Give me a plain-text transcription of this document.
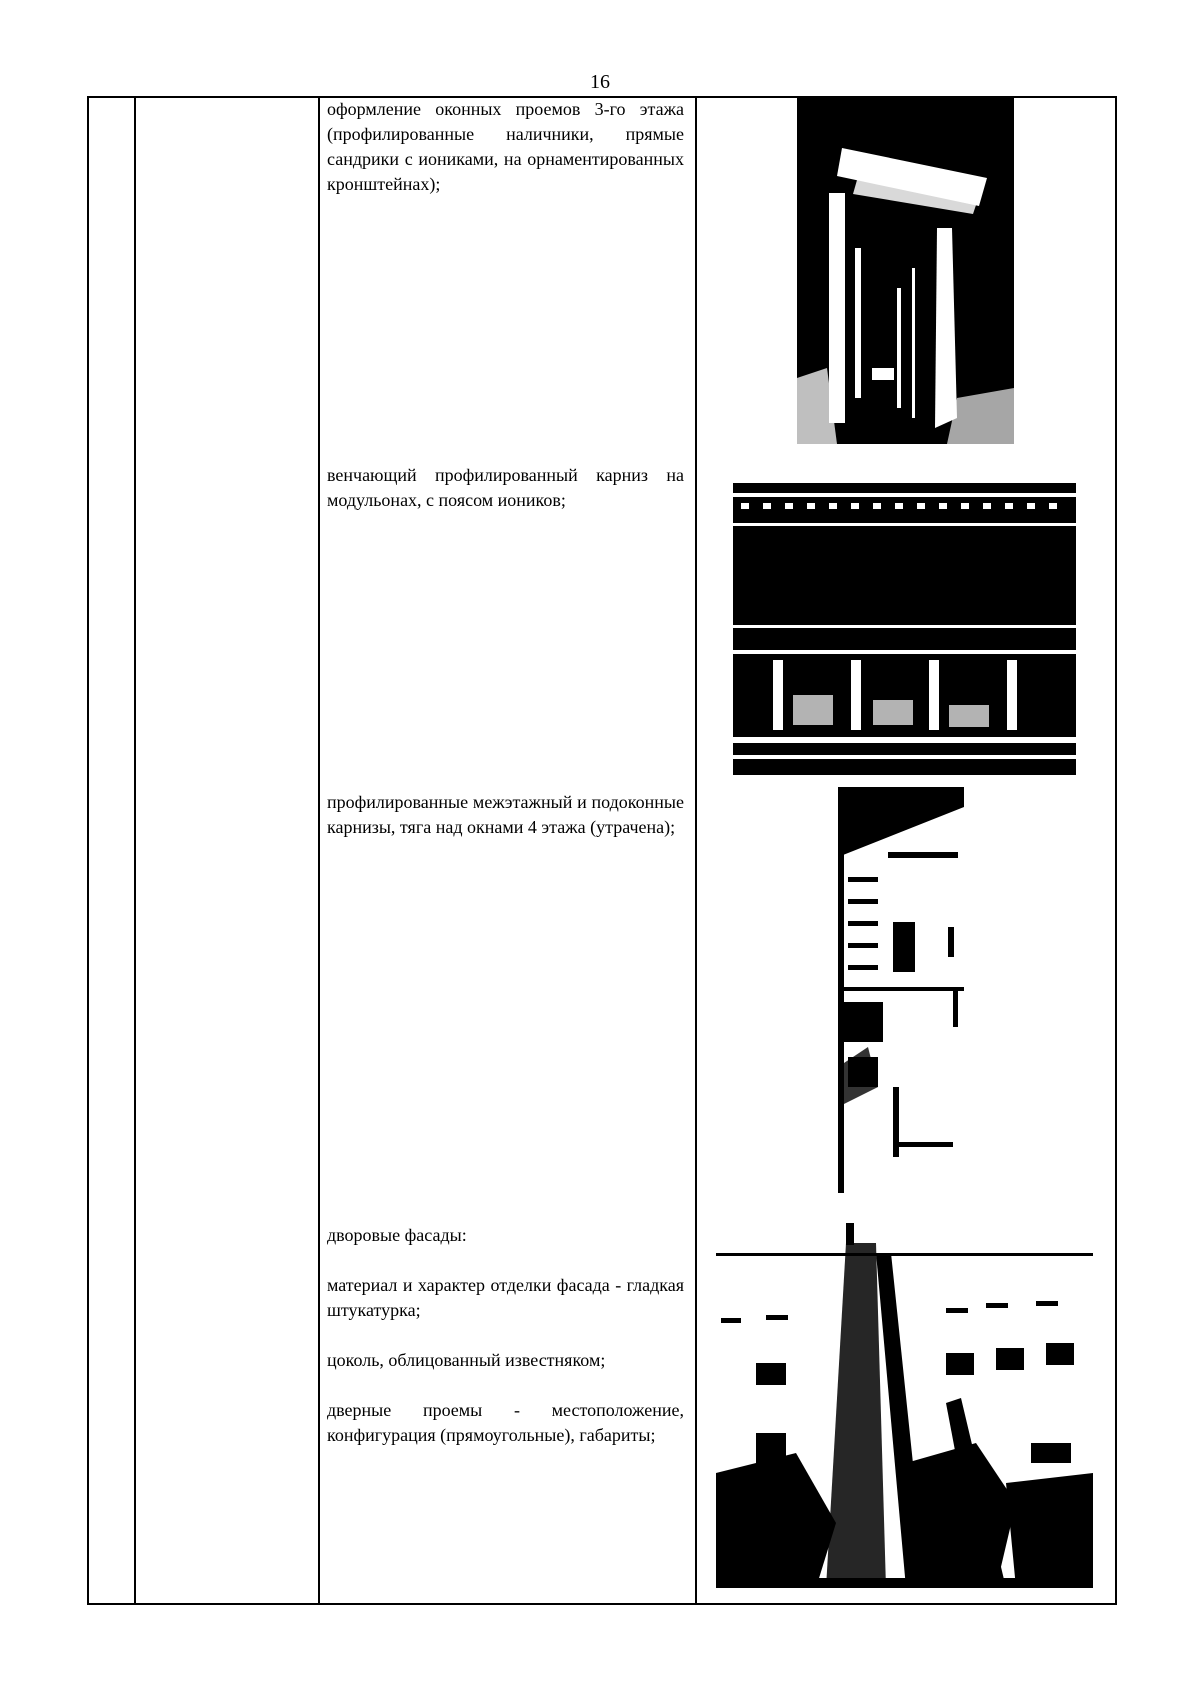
16

оформление оконных проемов 3-го этажа (профилированные наличники, прямые сандрики с иониками, на орнаментированных кронштейнах);

венчающий профилированный карниз на модульонах, с поясом иоников;

профилированные межэтажный и подоконные карнизы, тяга над окнами 4 этажа (утрачена);

дворовые фасады:

материал и характер отделки фасада - гладкая штукатурка;

цоколь, облицованный известняком;

дверные проемы - местоположение, конфигурация (прямоугольные), габариты;
